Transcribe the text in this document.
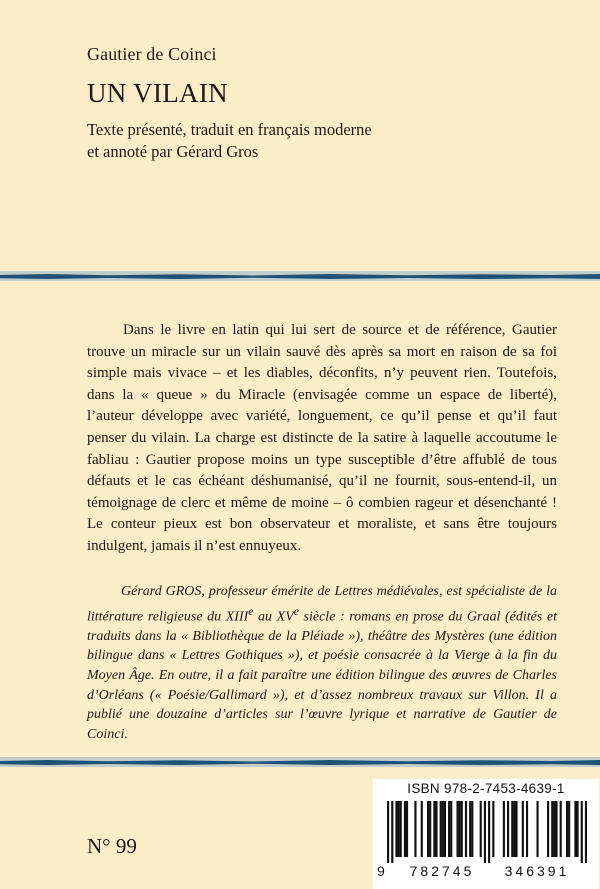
Gautier de Coinci
UN VILAIN
Texte présenté, traduit en français moderne
et annoté par Gérard Gros

Dans le livre en latin qui lui sert de source et de référence, Gautier trouve un miracle sur un vilain sauvé dès après sa mort en raison de sa foi simple mais vivace – et les diables, déconfits, n’y peuvent rien. Toutefois, dans la « queue » du Miracle (envisagée comme un espace de liberté), l’auteur développe avec variété, longuement, ce qu’il pense et qu’il faut penser du vilain. La charge est distincte de la satire à laquelle accoutume le fabliau : Gautier propose moins un type susceptible d’être affublé de tous défauts et le cas échéant déshumanisé, qu’il ne fournit, sous-entend-il, un témoignage de clerc et même de moine – ô combien rageur et désenchanté ! Le conteur pieux est bon observateur et moraliste, et sans être toujours indulgent, jamais il n’est ennuyeux.

Gérard GROS, professeur émérite de Lettres médiévales, est spécialiste de la littérature religieuse du XIIIe au XVe siècle : romans en prose du Graal (édités et traduits dans la « Bibliothèque de la Pléiade »), théâtre des Mystères (une édition bilingue dans « Lettres Gothiques »), et poésie consacrée à la Vierge à la fin du Moyen Âge. En outre, il a fait paraître une édition bilingue des œuvres de Charles d’Orléans (« Poésie/Gallimard »), et d’assez nombreux travaux sur Villon. Il a publié une douzaine d’articles sur l’œuvre lyrique et narrative de Gautier de Coinci.

N° 99
ISBN 978-2-7453-4639-1
9	782745	346391
